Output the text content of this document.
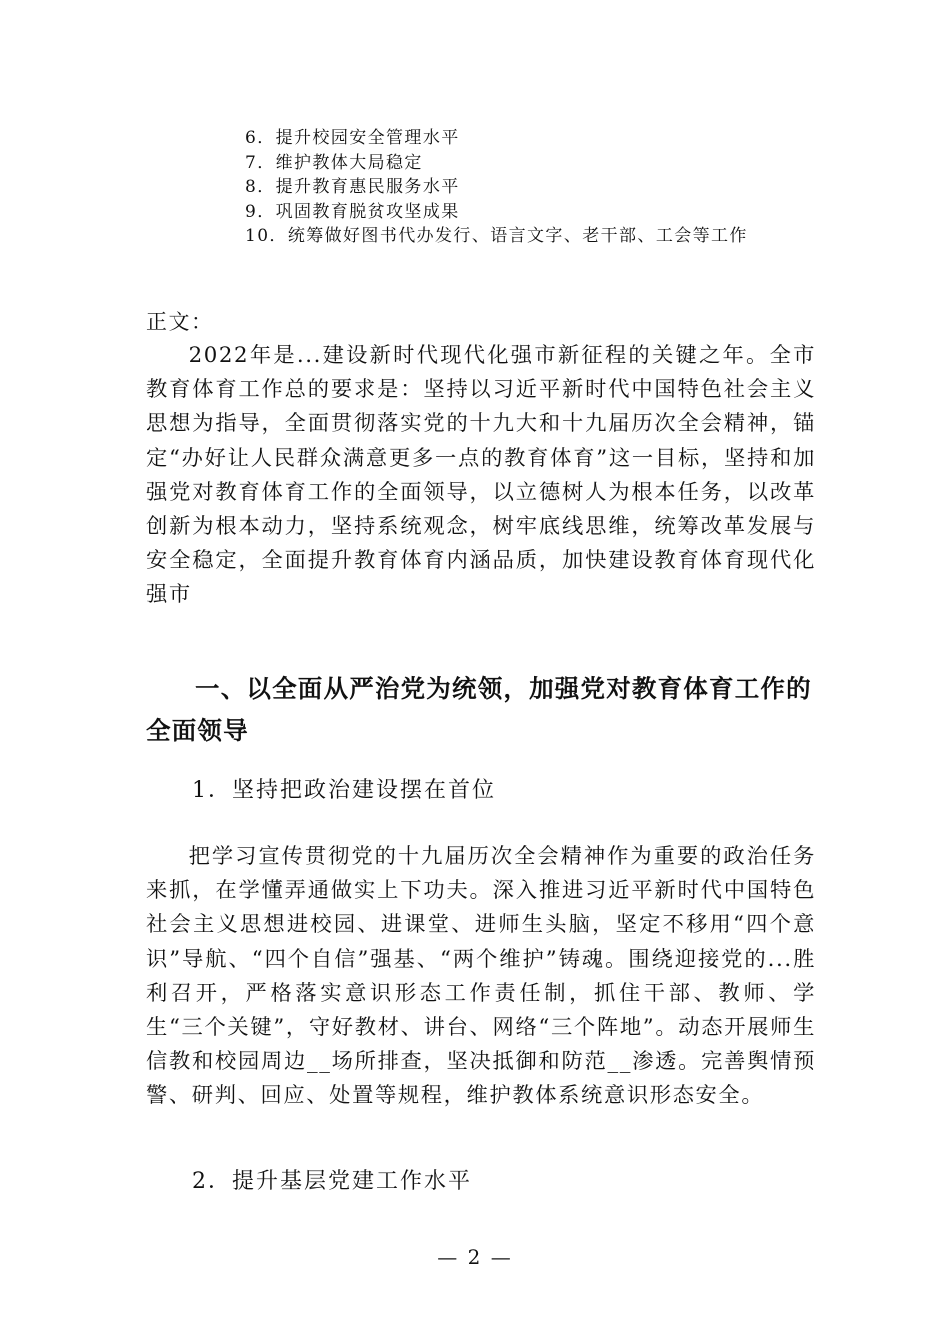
6．提升校园安全管理水平
7．维护教体大局稳定
8．提升教育惠民服务水平
9．巩固教育脱贫攻坚成果
10．统筹做好图书代办发行、语言文字、老干部、工会等工作
正文：

2022年是...建设新时代现代化强市新征程的关键之年。全市教育体育工作总的要求是：坚持以习近平新时代中国特色社会主义思想为指导，全面贯彻落实党的十九大和十九届历次全会精神，锚定“办好让人民群众满意更多一点的教育体育”这一目标，坚持和加强党对教育体育工作的全面领导，以立德树人为根本任务，以改革创新为根本动力，坚持系统观念，树牢底线思维，统筹改革发展与安全稳定，全面提升教育体育内涵品质，加快建设教育体育现代化强市

一、以全面从严治党为统领，加强党对教育体育工作的全面领导
1．坚持把政治建设摆在首位

把学习宣传贯彻党的十九届历次全会精神作为重要的政治任务来抓，在学懂弄通做实上下功夫。深入推进习近平新时代中国特色社会主义思想进校园、进课堂、进师生头脑，坚定不移用“四个意识”导航、“四个自信”强基、“两个维护”铸魂。围绕迎接党的...胜利召开，严格落实意识形态工作责任制，抓住干部、教师、学生“三个关键”，守好教材、讲台、网络“三个阵地”。动态开展师生信教和校园周边__场所排查，坚决抵御和防范__渗透。完善舆情预警、研判、回应、处置等规程，维护教体系统意识形态安全。

2．提升基层党建工作水平
— 2 —
